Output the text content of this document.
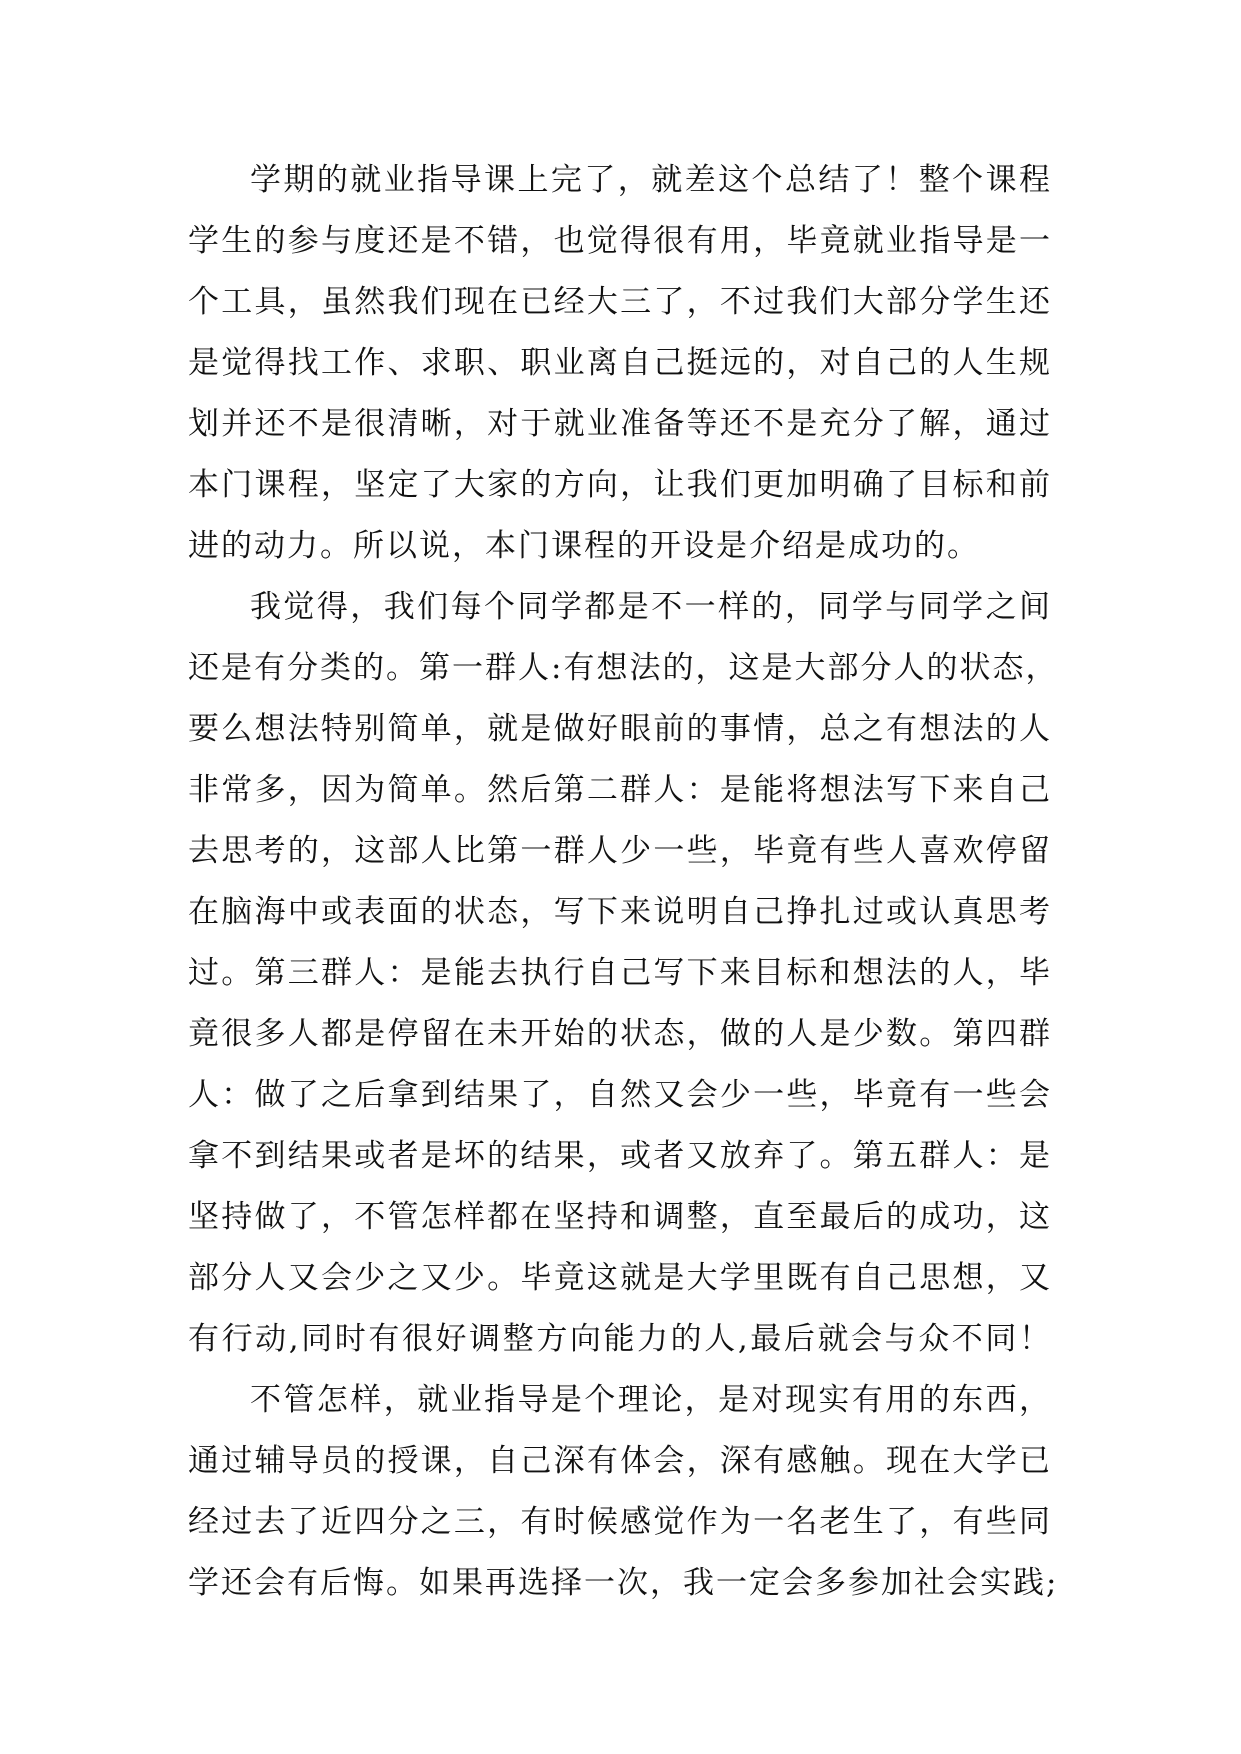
学期的就业指导课上完了，就差这个总结了！整个课程
学生的参与度还是不错，也觉得很有用，毕竟就业指导是一
个工具，虽然我们现在已经大三了，不过我们大部分学生还
是觉得找工作、求职、职业离自己挺远的，对自己的人生规
划并还不是很清晰，对于就业准备等还不是充分了解，通过
本门课程，坚定了大家的方向，让我们更加明确了目标和前
进的动力。所以说，本门课程的开设是介绍是成功的。
我觉得，我们每个同学都是不一样的，同学与同学之间
还是有分类的。第一群人:有想法的，这是大部分人的状态，
要么想法特别简单，就是做好眼前的事情，总之有想法的人
非常多，因为简单。然后第二群人：是能将想法写下来自己
去思考的，这部人比第一群人少一些，毕竟有些人喜欢停留
在脑海中或表面的状态，写下来说明自己挣扎过或认真思考
过。第三群人：是能去执行自己写下来目标和想法的人，毕
竟很多人都是停留在未开始的状态，做的人是少数。第四群
人：做了之后拿到结果了，自然又会少一些，毕竟有一些会
拿不到结果或者是坏的结果，或者又放弃了。第五群人：是
坚持做了，不管怎样都在坚持和调整，直至最后的成功，这
部分人又会少之又少。毕竟这就是大学里既有自己思想，又
有行动,同时有很好调整方向能力的人,最后就会与众不同！
不管怎样，就业指导是个理论，是对现实有用的东西，
通过辅导员的授课，自己深有体会，深有感触。现在大学已
经过去了近四分之三，有时候感觉作为一名老生了，有些同
学还会有后悔。如果再选择一次，我一定会多参加社会实践;
